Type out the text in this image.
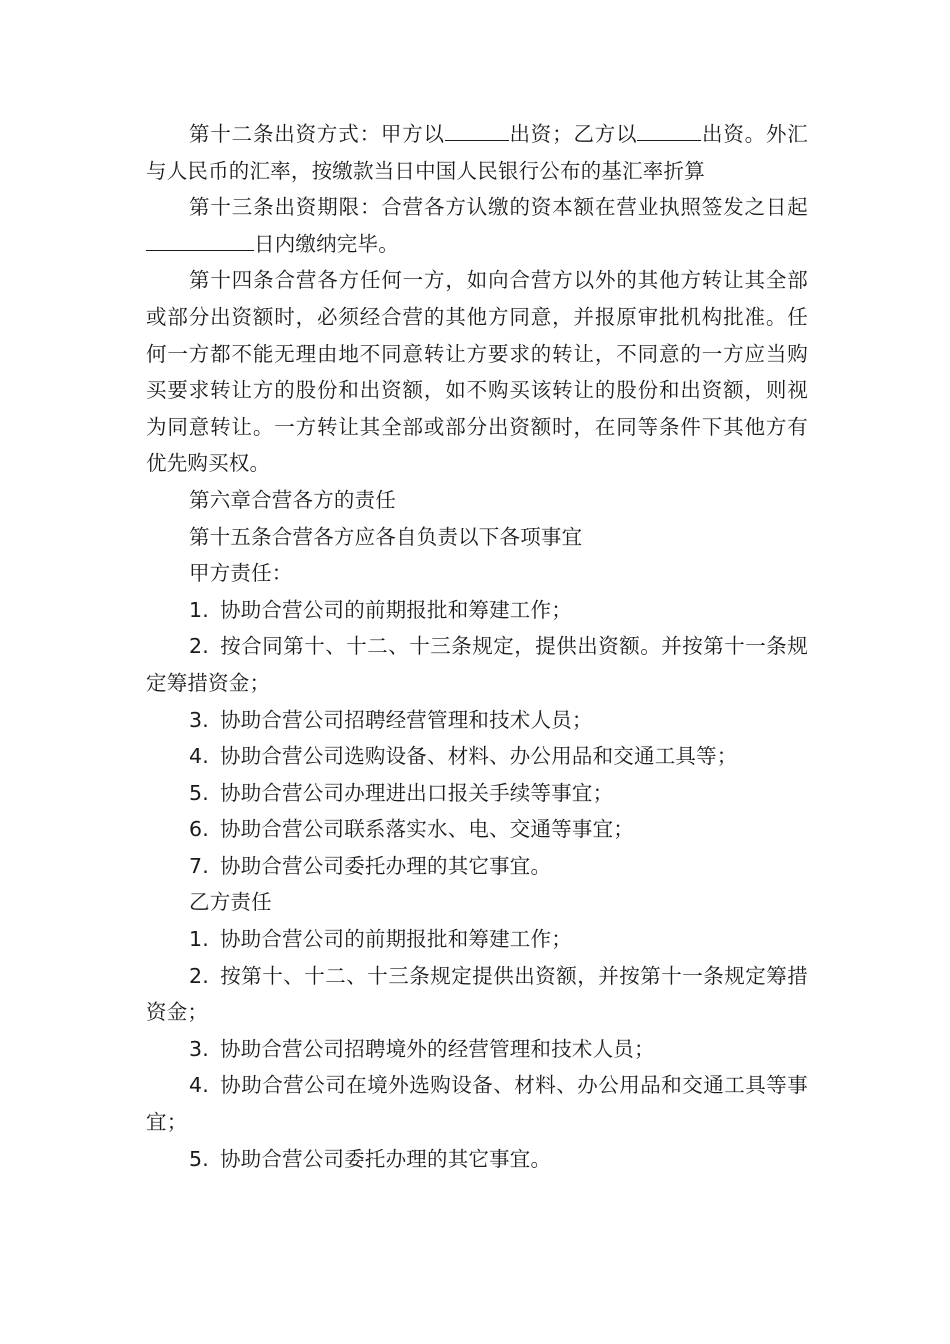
第十二条出资方式：甲方以	出资；乙方以	出资。外汇与人民币的汇率，按缴款当日中国人民银行公布的基汇率折算

第十三条出资期限：合营各方认缴的资本额在营业执照签发之日起日内缴纳完毕。

第十四条合营各方任何一方，如向合营方以外的其他方转让其全部或部分出资额时，必须经合营的其他方同意，并报原审批机构批准。任何一方都不能无理由地不同意转让方要求的转让，不同意的一方应当购买要求转让方的股份和出资额，如不购买该转让的股份和出资额，则视为同意转让。一方转让其全部或部分出资额时，在同等条件下其他方有优先购买权。

第六章合营各方的责任

第十五条合营各方应各自负责以下各项事宜

甲方责任：

1. 协助合营公司的前期报批和筹建工作；

2. 按合同第十、十二、十三条规定，提供出资额。并按第十一条规定筹措资金；

3. 协助合营公司招聘经营管理和技术人员；

4. 协助合营公司选购设备、材料、办公用品和交通工具等；

5. 协助合营公司办理进出口报关手续等事宜；

6. 协助合营公司联系落实水、电、交通等事宜；

7. 协助合营公司委托办理的其它事宜。

乙方责任

1. 协助合营公司的前期报批和筹建工作；

2. 按第十、十二、十三条规定提供出资额，并按第十一条规定筹措资金；

3. 协助合营公司招聘境外的经营管理和技术人员；

4. 协助合营公司在境外选购设备、材料、办公用品和交通工具等事宜；

5. 协助合营公司委托办理的其它事宜。
